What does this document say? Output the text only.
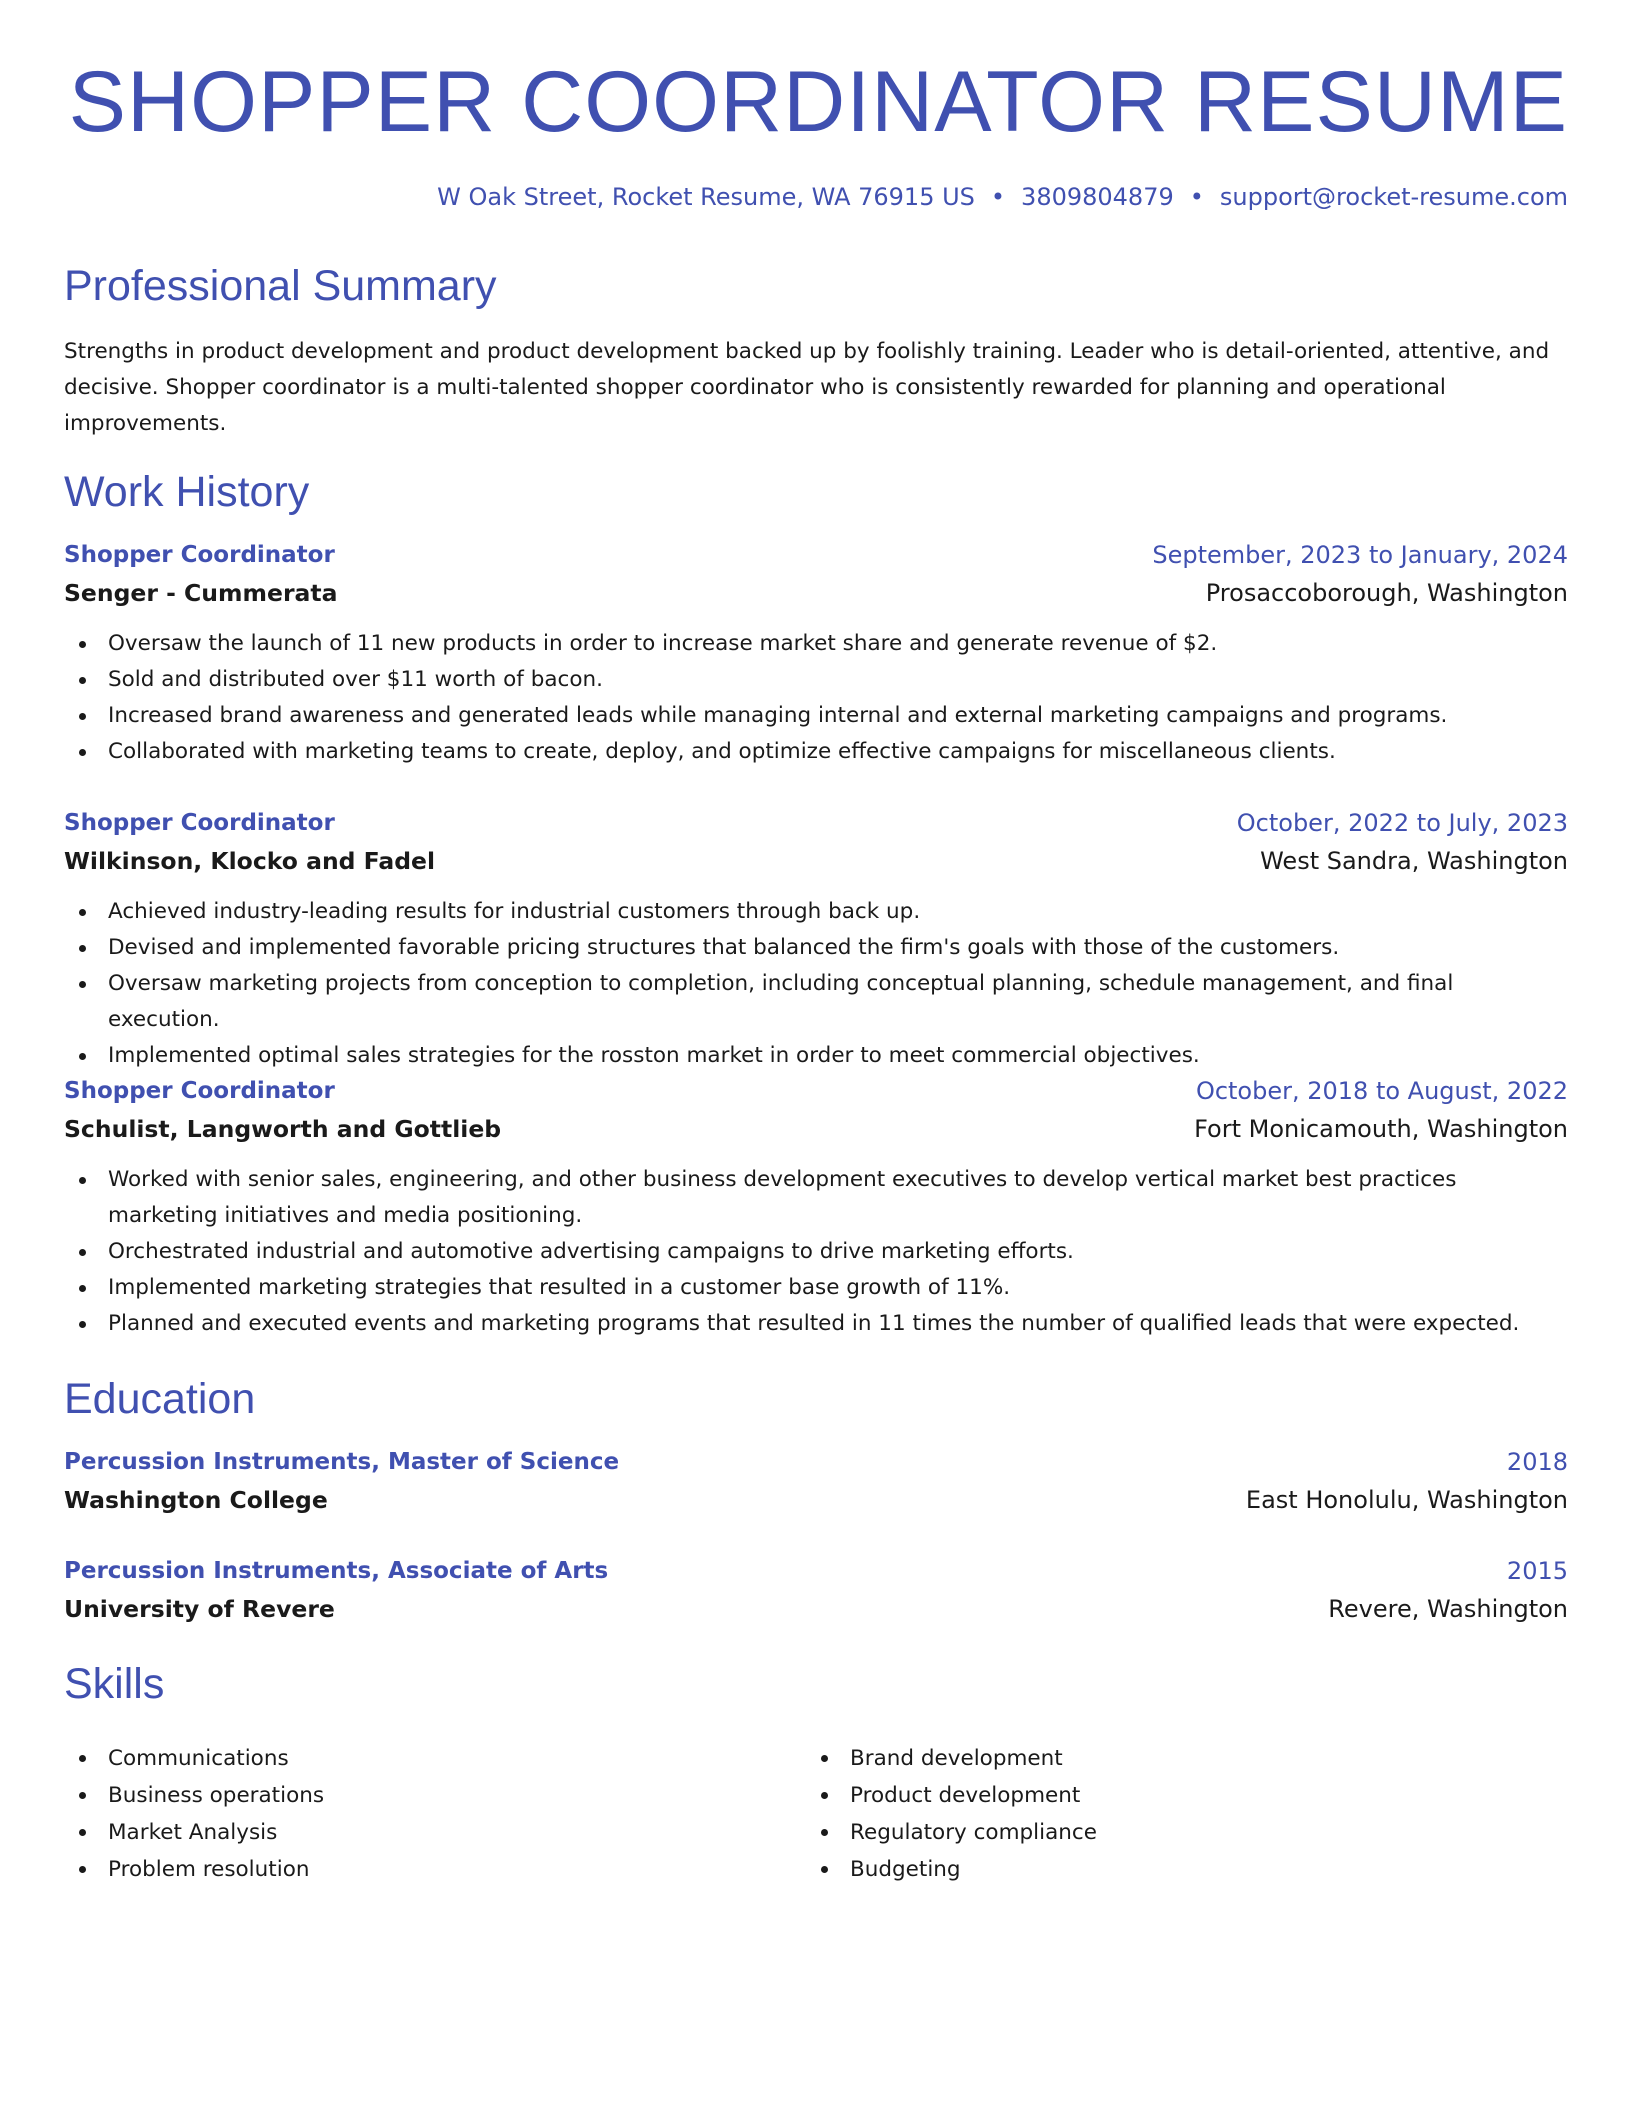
SHOPPER COORDINATOR RESUME
W Oak Street, Rocket Resume, WA 76915 US • 3809804879 • support@rocket-resume.com
Professional Summary

Strengths in product development and product development backed up by foolishly training. Leader who is detail-oriented, attentive, and decisive. Shopper coordinator is a multi-talented shopper coordinator who is consistently rewarded for planning and operational improvements.

Work History
Shopper Coordinator	September, 2023 to January, 2024
Senger - Cummerata	Prosaccoborough, Washington
Oversaw the launch of 11 new products in order to increase market share and generate revenue of $2.
Sold and distributed over $11 worth of bacon.
Increased brand awareness and generated leads while managing internal and external marketing campaigns and programs.
Collaborated with marketing teams to create, deploy, and optimize effective campaigns for miscellaneous clients.
Shopper Coordinator	October, 2022 to July, 2023
Wilkinson, Klocko and Fadel	West Sandra, Washington
Achieved industry-leading results for industrial customers through back up.
Devised and implemented favorable pricing structures that balanced the firm's goals with those of the customers.
Oversaw marketing projects from conception to completion, including conceptual planning, schedule management, and final execution.
Implemented optimal sales strategies for the rosston market in order to meet commercial objectives.
Shopper Coordinator	October, 2018 to August, 2022
Schulist, Langworth and Gottlieb	Fort Monicamouth, Washington
Worked with senior sales, engineering, and other business development executives to develop vertical market best practices marketing initiatives and media positioning.
Orchestrated industrial and automotive advertising campaigns to drive marketing efforts.
Implemented marketing strategies that resulted in a customer base growth of 11%.
Planned and executed events and marketing programs that resulted in 11 times the number of qualified leads that were expected.
Education
Percussion Instruments, Master of Science	2018
Washington College	East Honolulu, Washington
Percussion Instruments, Associate of Arts	2015
University of Revere	Revere, Washington
Skills
Communications
Business operations
Market Analysis
Problem resolution
Brand development
Product development
Regulatory compliance
Budgeting
